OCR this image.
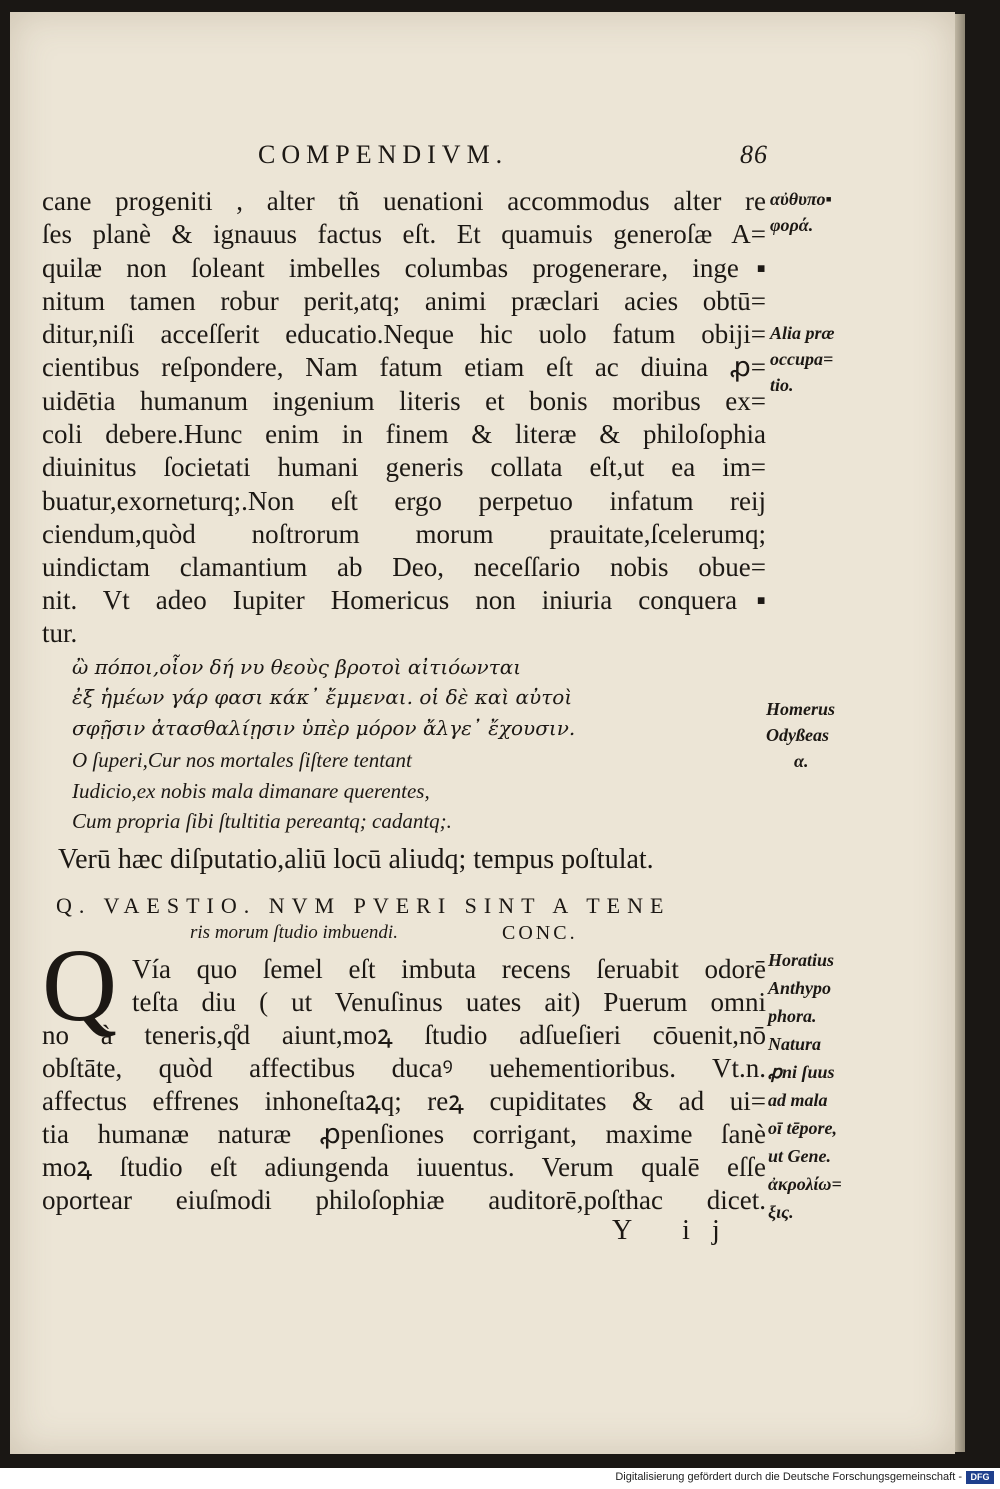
COMPENDIVM.	86
cane progeniti , alter tñ uenationi accommodus alter re
ſes planè & ignauus factus eſt. Et quamuis generoſæ A=
quilæ non ſoleant imbelles columbas progenerare, inge▪
nitum tamen robur perit,atq; animi præclari acies obtū=
ditur,niſi acceſſerit educatio.Neque hic uolo fatum obiji=
cientibus reſpondere, Nam fatum etiam eſt ac diuina ꝓ=
uidētia humanum ingenium literis et bonis moribus ex=
coli debere.Hunc enim in finem & literæ & philoſophia
diuinitus ſocietati humani generis collata eſt,ut ea im=
buatur,exorneturq;.Non eſt ergo perpetuo infatum reij
ciendum,quòd noſtrorum morum prauitate,ſcelerumq;
uindictam clamantium ab Deo, neceſſario nobis obue=
nit. Vt adeo Iupiter Homericus non iniuria conquera▪
tur.
ὢ πόποι,οἷον δή νυ θεοὺς βροτοὶ αἰτιόωνται
ἐξ ἡμέων γάρ φασι κάκ᾽ ἔμμεναι. οἱ δὲ καὶ αὐτοὶ
σφῇσιν ἀτασθαλίῃσιν ὑπὲρ μόρον ἄλγε᾽ ἔχουσιν.
O ſuperi,Cur nos mortales ſiſtere tentant
Iudicio,ex nobis mala dimanare querentes,
Cum propria ſibi ſtultitia pereantq; cadantq;.
Verū hæc diſputatio,aliū locū aliudq; tempus poſtulat.
Q. VAESTIO. NVM PVERI SINT A TENE
ris morum ſtudio imbuendi.	CONC.
Q Vía quo ſemel eſt imbuta recens ſeruabit odorē
teſta diu ( ut Venuſinus uates ait) Puerum omni
no à teneris,q̊d aiunt,moꝝ ſtudio adſueſieri cōuenit,nō
obſtāte, quòd affectibus ducaꝰ uehementioribus. Vt.n.
affectus effrenes inhoneſtaꝝq; reꝝ cupiditates & ad ui=
tia humanæ naturæ ꝓpenſiones corrigant, maxime ſanè
moꝝ ſtudio eſt adiungenda iuuentus. Verum qualē eſſe
oportear eiuſmodi philoſophiæ auditorē,poſthac dicet.
Y ij
αὐθυπο▪
φορά.
Alia præ
occupa=
tio.
Homerus
Odyßeas
α.
Horatius
Anthypo
phora.
Natura
ꝓni ſuus
ad mala
oī tēpore,
ut Gene.
ἀκρολίω=
ξις.
Digitalisierung gefördert durch die Deutsche Forschungsgemeinschaft - DFG
